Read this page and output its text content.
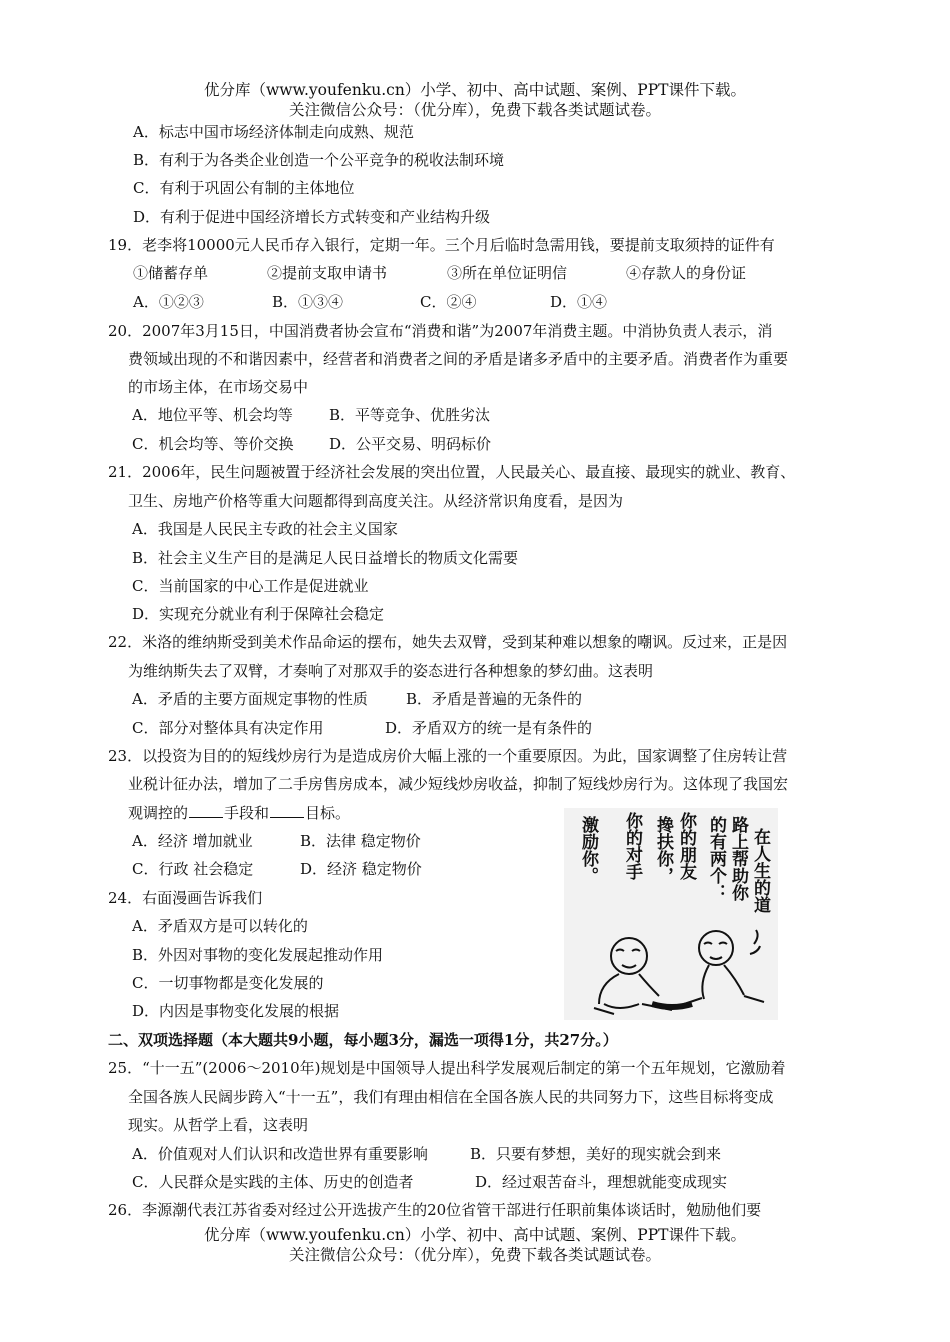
优分库（www.youfenku.cn）小学、初中、高中试题、案例、PPT课件下载。
关注微信公众号：（优分库），免费下载各类试题试卷。
A．标志中国市场经济体制走向成熟、规范
B．有利于为各类企业创造一个公平竞争的税收法制环境
C．有利于巩固公有制的主体地位
D．有利于促进中国经济增长方式转变和产业结构升级
19．老李将10000元人民币存入银行，定期一年。三个月后临时急需用钱，要提前支取须持的证件有
①储蓄存单	②提前支取申请书	③所在单位证明信	④存款人的身份证
A．①②③	B．①③④	C．②④	D．①④
20．2007年3月15日，中国消费者协会宣布“消费和谐”为2007年消费主题。中消协负责人表示，消
费领域出现的不和谐因素中，经营者和消费者之间的矛盾是诸多矛盾中的主要矛盾。消费者作为重要
的市场主体，在市场交易中
A．地位平等、机会均等 B．平等竞争、优胜劣汰
C．机会均等、等价交换 D．公平交易、明码标价
21．2006年，民生问题被置于经济社会发展的突出位置，人民最关心、最直接、最现实的就业、教育、
卫生、房地产价格等重大问题都得到高度关注。从经济常识角度看，是因为
A．我国是人民民主专政的社会主义国家
B．社会主义生产目的是满足人民日益增长的物质文化需要
C．当前国家的中心工作是促进就业
D．实现充分就业有利于保障社会稳定
22．米洛的维纳斯受到美术作品命运的摆布，她失去双臂，受到某种难以想象的嘲讽。反过来，正是因
为维纳斯失去了双臂，才奏响了对那双手的姿态进行各种想象的梦幻曲。这表明
A．矛盾的主要方面规定事物的性质	B．矛盾是普遍的无条件的
C．部分对整体具有决定作用	D．矛盾双方的统一是有条件的
23．以投资为目的的短线炒房行为是造成房价大幅上涨的一个重要原因。为此，国家调整了住房转让营
业税计征办法，增加了二手房售房成本，减少短线炒房收益，抑制了短线炒房行为。这体现了我国宏
观调控的 手段和 目标。
A．经济 增加就业	B．法律 稳定物价
C．行政 社会稳定	D．经济 稳定物价
24．右面漫画告诉我们
A．矛盾双方是可以转化的
B．外因对事物的变化发展起推动作用
C．一切事物都是变化发展的
D．内因是事物变化发展的根据
在人生的道
路上帮助你
的有两个：
你的朋友
搀扶你，
你的对手
激励你。
二、双项选择题（本大题共9小题，每小题3分，漏选一项得1分，共27分。）
25．“十一五”(2006～2010年)规划是中国领导人提出科学发展观后制定的第一个五年规划，它激励着
全国各族人民阔步跨入“十一五”，我们有理由相信在全国各族人民的共同努力下，这些目标将变成
现实。从哲学上看，这表明
A．价值观对人们认识和改造世界有重要影响	B．只要有梦想，美好的现实就会到来
C．人民群众是实践的主体、历史的创造者	D．经过艰苦奋斗，理想就能变成现实
26．李源潮代表江苏省委对经过公开选拔产生的20位省管干部进行任职前集体谈话时，勉励他们要
优分库（www.youfenku.cn）小学、初中、高中试题、案例、PPT课件下载。
关注微信公众号：（优分库），免费下载各类试题试卷。
